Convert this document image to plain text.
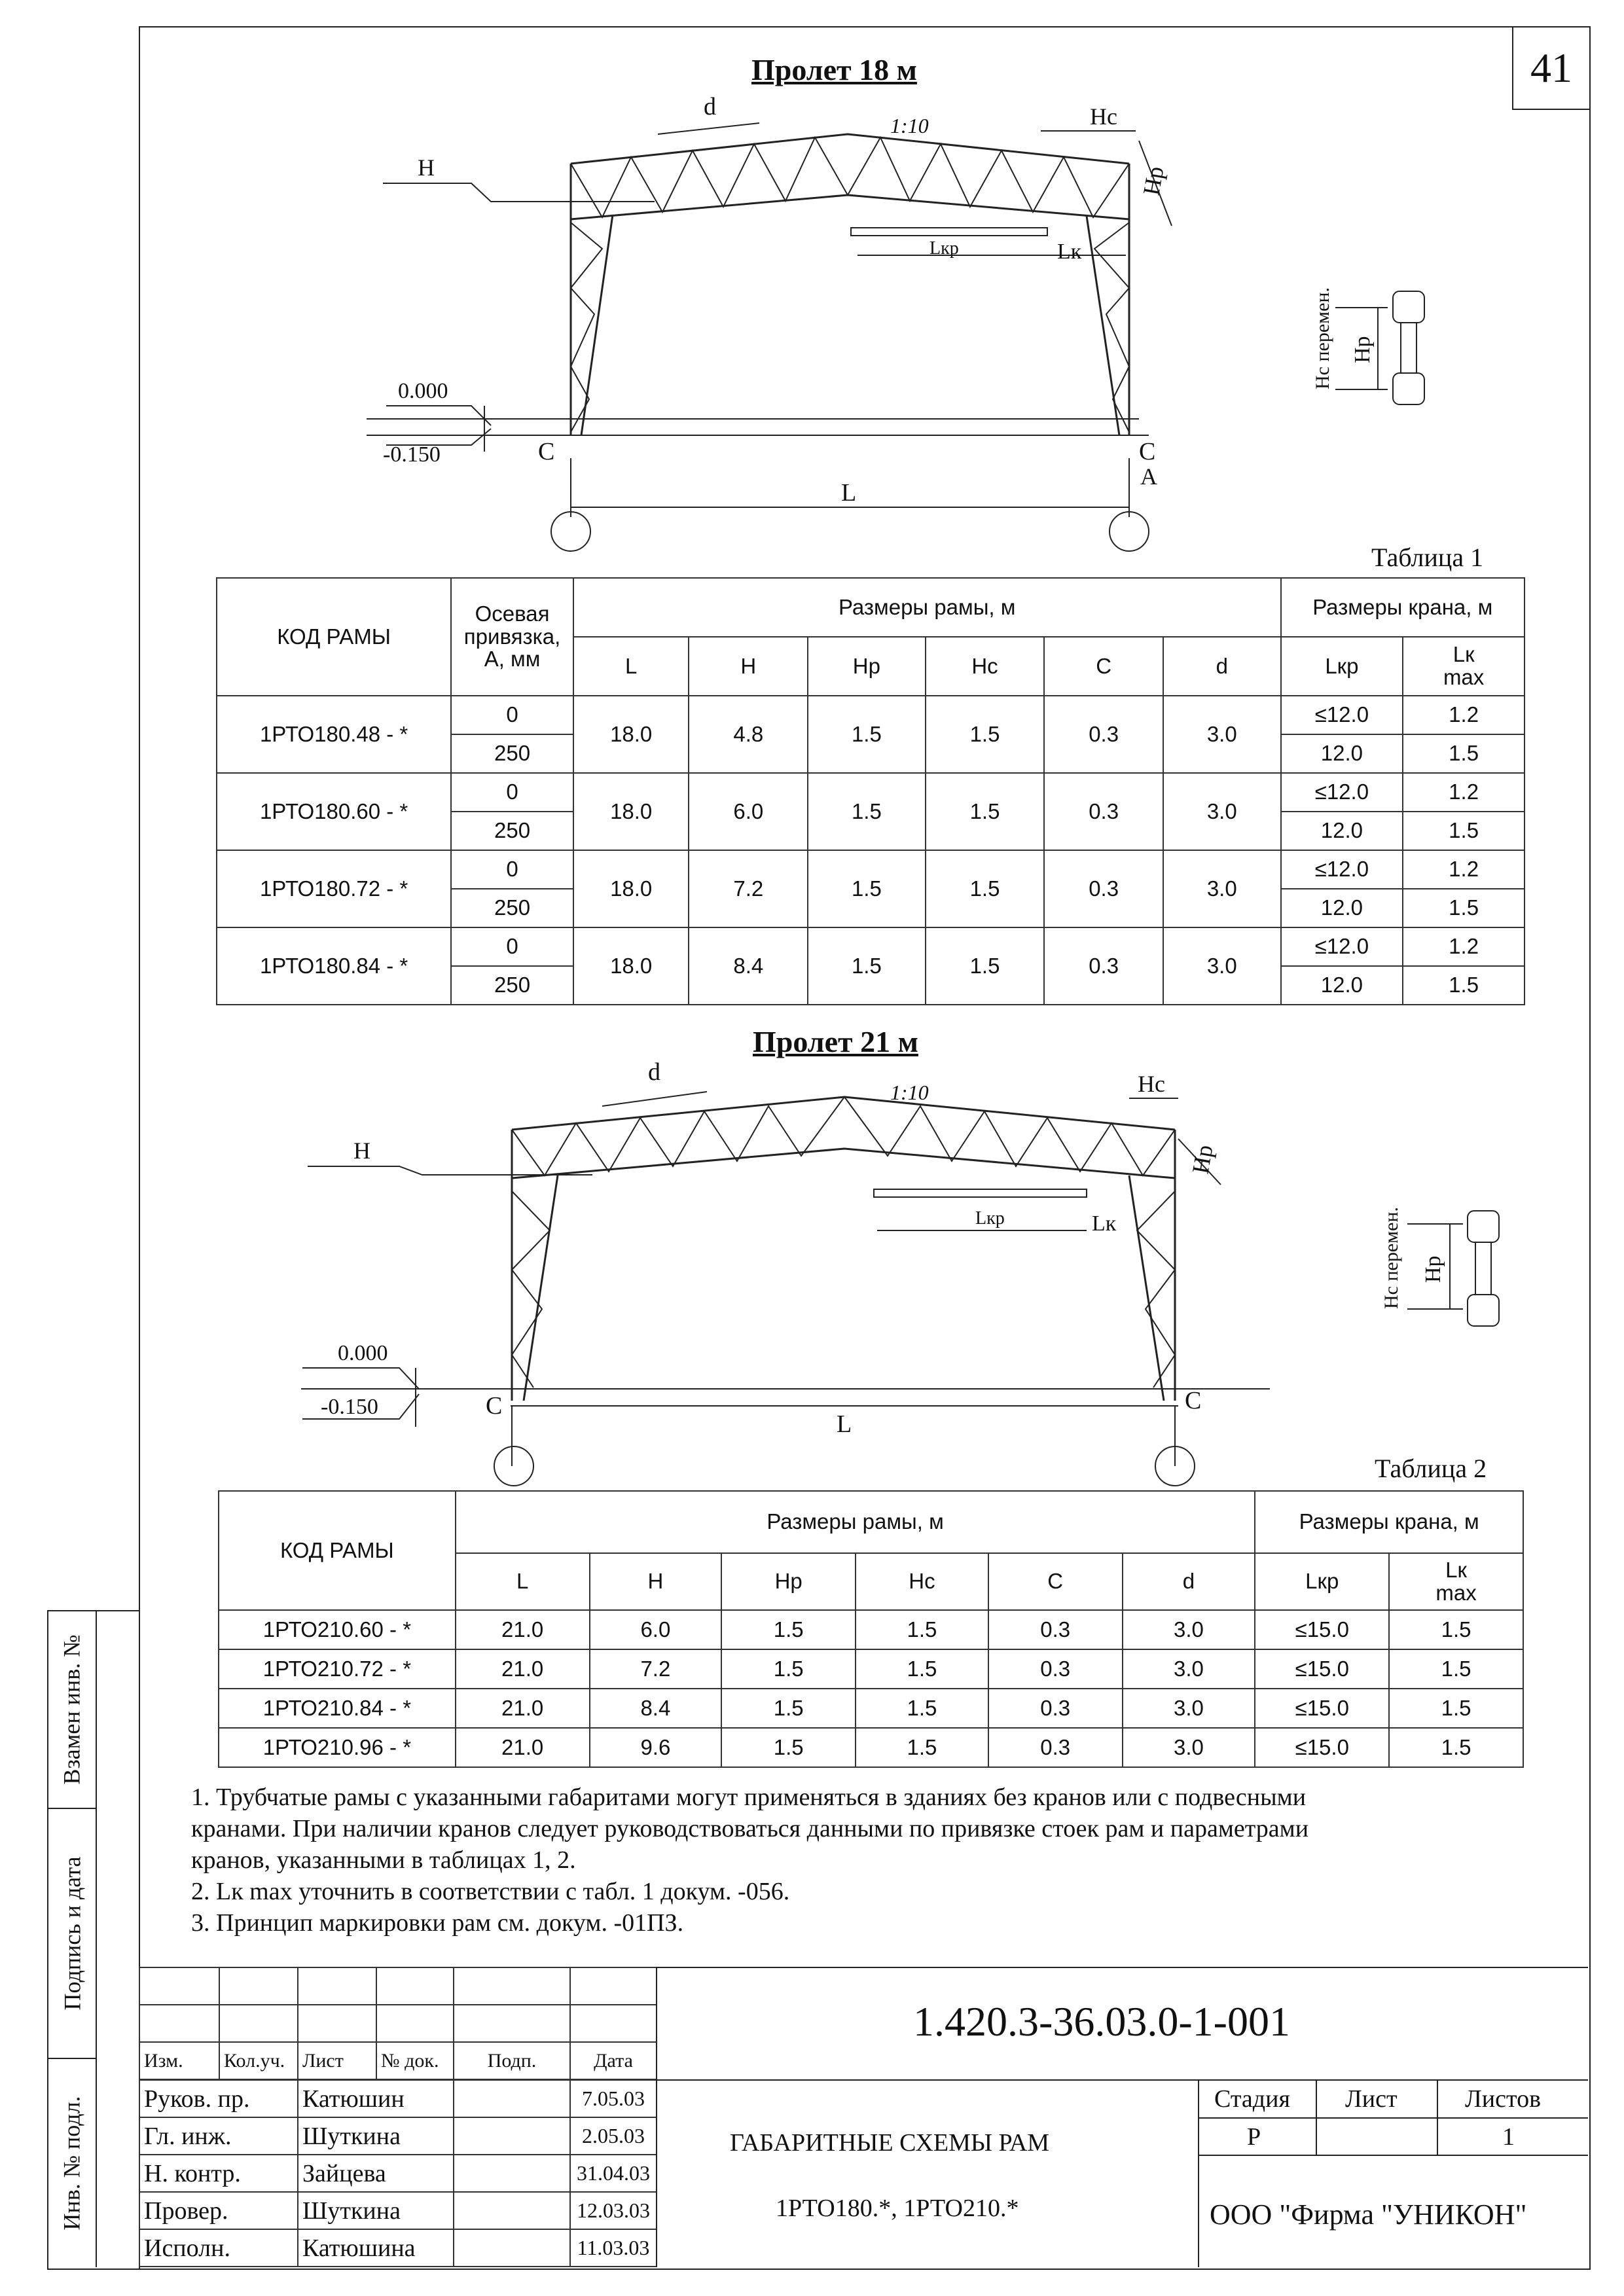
41
Пролет 18 м
d
1:10	Нс
Н	Нр
Lкр	Lк
0.000
-0.150	C	С
А
L
Нс перемен. Нр
Таблица 1
КОД РАМЫ	Осевая
привязка,
А, мм	Размеры рамы, м						Размеры крана, м	
		L	Н	Нр	Нс	С	d	Lкр	Lк
max

1РТО180.48 - *	0	18.0	4.8	1.5	1.5	0.3	3.0	≤12.0	1.2
	250							12.0	1.5
1РТО180.60 - *	0	18.0	6.0	1.5	1.5	0.3	3.0	≤12.0	1.2
	250							12.0	1.5
1РТО180.72 - *	0	18.0	7.2	1.5	1.5	0.3	3.0	≤12.0	1.2
	250							12.0	1.5
1РТО180.84 - *	0	18.0	8.4	1.5	1.5	0.3	3.0	≤12.0	1.2
	250							12.0	1.5
Пролет 21 м
d
1:10	Нс
Н	Нр
Lкр	Lк
0.000
-0.150	C	C
L
Нс перемен. Нр
Таблица 2
КОД РАМЫ	Размеры рамы, м						Размеры крана, м	
	L	Н	Нр	Нс	С	d	Lкр	Lк
max

1РТО210.60 - *	21.0	6.0	1.5	1.5	0.3	3.0	≤15.0	1.5
1РТО210.72 - *	21.0	7.2	1.5	1.5	0.3	3.0	≤15.0	1.5
1РТО210.84 - *	21.0	8.4	1.5	1.5	0.3	3.0	≤15.0	1.5
1РТО210.96 - *	21.0	9.6	1.5	1.5	0.3	3.0	≤15.0	1.5
1. Трубчатые рамы с указанными габаритами могут применяться в зданиях без кранов или с подвесными
кранами. При наличии кранов следует руководствоваться данными по привязке стоек рам и параметрами
кранов, указанными в таблицах 1, 2.
2. Lк max уточнить в соответствии с табл. 1 докум. -056.
3. Принцип маркировки рам см. докум. -01ПЗ.
Взамен инв. №
Подпись и дата
Инв. № подл.

Изм.	Кол.уч.	Лист	№ док.	Подп.	Дата
Руков. пр.	Катюшин		7.05.03
Гл. инж.	Шуткина		2.05.03
Н. контр.	Зайцева		31.04.03
Провер.	Шуткина		12.03.03
Исполн.	Катюшина		11.03.03
1.420.3-36.03.0-1-001
ГАБАРИТНЫЕ СХЕМЫ РАМ
1РТО180.*, 1РТО210.*
Стадия Лист	Листов
Р	1
ООО "Фирма "УНИКОН"
